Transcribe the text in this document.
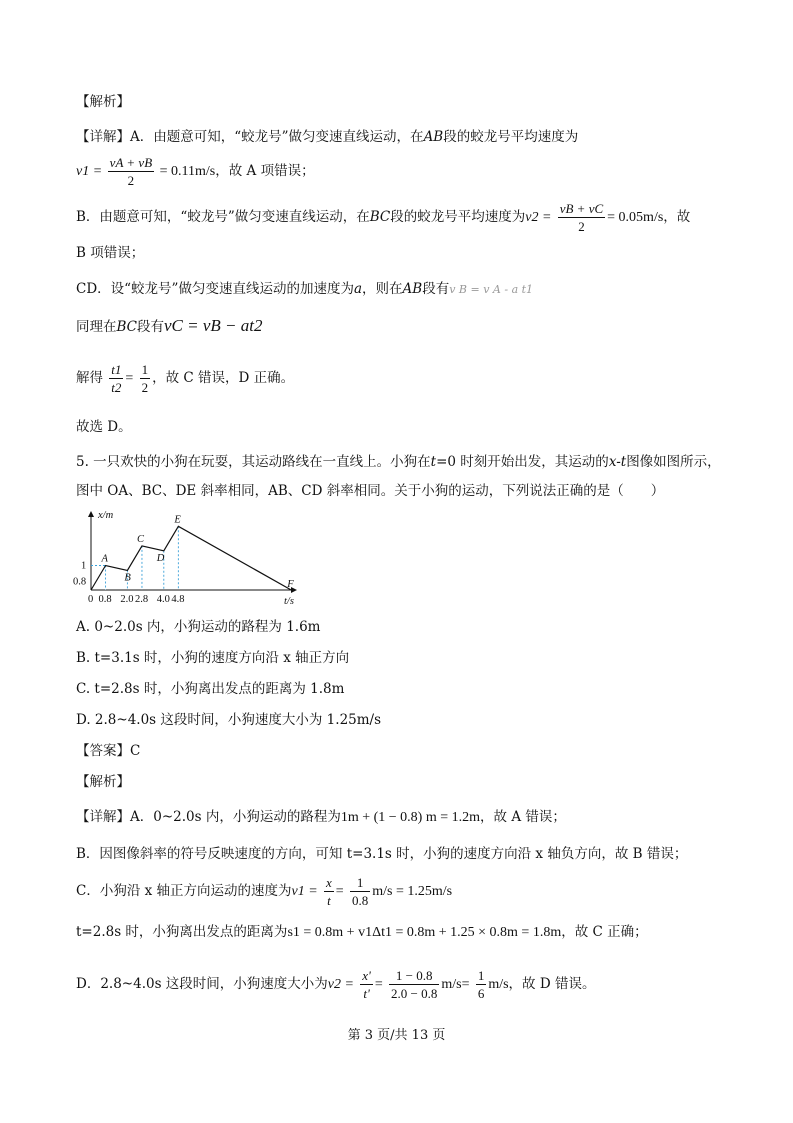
【解析】
【详解】A．由题意可知，“蛟龙号”做匀变速直线运动，在AB段的蛟龙号平均速度为
$v1 = \frac{vA + vB}{2} = 0.11m/s$，故 A 项错误；
B．由题意可知，“蛟龙号”做匀变速直线运动，在BC段的蛟龙号平均速度为$v2 = \frac{vB + vC}{2} = 0.05m/s$，故
B 项错误；
CD．设“蛟龙号”做匀变速直线运动的加速度为a，则在AB段有v B = v A - a t1
同理在BC段有vC = vB − at2
解得 $\frac{t1}{t2} = \frac{1}{2}$ ，故 C 错误，D 正确。
故选 D。
5. 一只欢快的小狗在玩耍，其运动路线在一直线上。小狗在t=0 时刻开始出发，其运动的x-t图像如图所示，
图中 OA、BC、DE 斜率相同，AB、CD 斜率相同。关于小狗的运动，下列说法正确的是（　　）
A
B
C
D
E
F
0 0.8 2.0 2.8 4.0 4.8
1
0.8
x/m
t/s
A. 0~2.0s 内，小狗运动的路程为 1.6m
B. t=3.1s 时，小狗的速度方向沿 x 轴正方向
C. t=2.8s 时，小狗离出发点的距离为 1.8m
D. 2.8~4.0s 这段时间，小狗速度大小为 1.25m/s
【答案】C
【解析】
【详解】A．0~2.0s 内，小狗运动的路程为1m + (1 − 0.8) m = 1.2m，故 A 错误；
B．因图像斜率的符号反映速度的方向，可知 t=3.1s 时，小狗的速度方向沿 x 轴负方向，故 B 错误；
C．小狗沿 x 轴正方向运动的速度为$v1 = \frac{x}{t} = \frac{1}{0.8} m/s = 1.25m/s$
t=2.8s 时，小狗离出发点的距离为s1 = 0.8m + v1Δt1 = 0.8m + 1.25 × 0.8m = 1.8m，故 C 正确；
D．2.8~4.0s 这段时间，小狗速度大小为$v2 = \frac{x'}{t'} = \frac{1 - 0.8}{2.0 - 0.8} m/s= \frac{1}{6} m/s$，故 D 错误。
第 3 页/共 13 页
